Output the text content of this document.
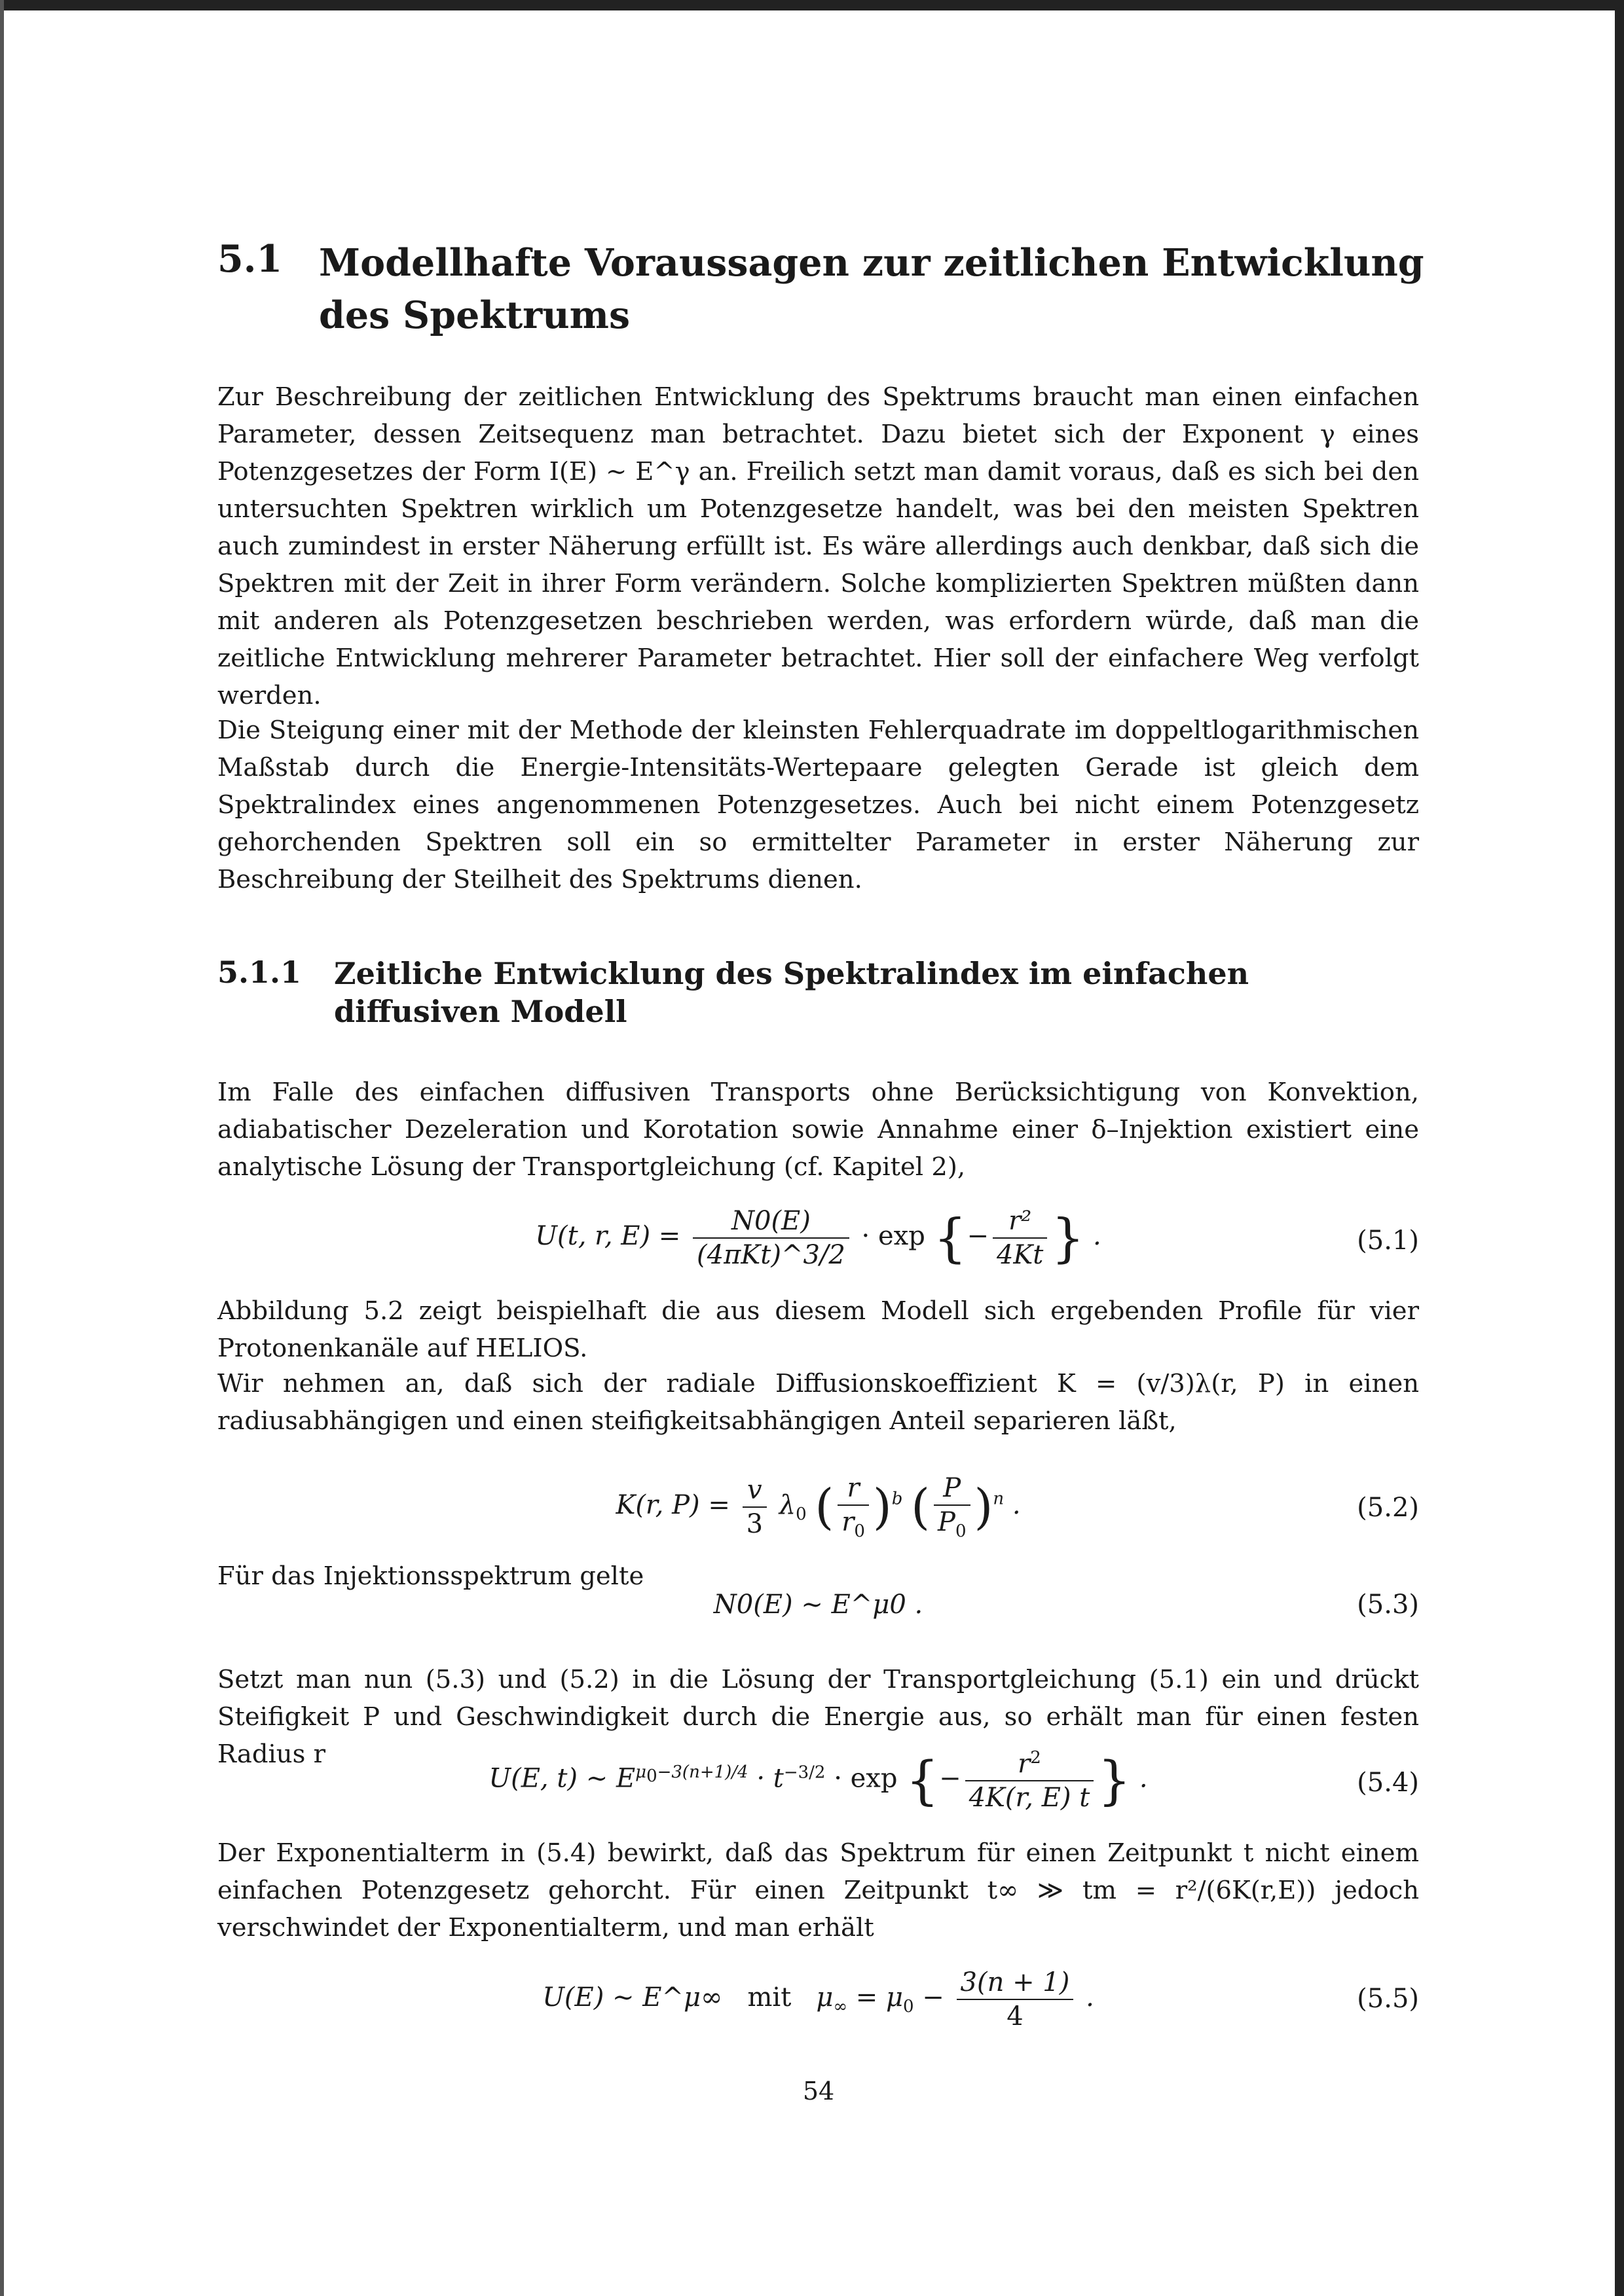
5.1 Modellhafte Voraussagen zur zeitlichen Entwicklung des Spektrums
Zur Beschreibung der zeitlichen Entwicklung des Spektrums braucht man einen einfachen Parameter, dessen Zeitsequenz man betrachtet. Dazu bietet sich der Exponent γ eines Potenzgesetzes der Form I(E) ∼ E^γ an. Freilich setzt man damit voraus, daß es sich bei den untersuchten Spektren wirklich um Potenzgesetze handelt, was bei den meisten Spektren auch zumindest in erster Näherung erfüllt ist. Es wäre allerdings auch denkbar, daß sich die Spektren mit der Zeit in ihrer Form verändern. Solche komplizierten Spektren müßten dann mit anderen als Potenzgesetzen beschrieben werden, was erfordern würde, daß man die zeitliche Entwicklung mehrerer Parameter betrachtet. Hier soll der einfachere Weg verfolgt werden.
Die Steigung einer mit der Methode der kleinsten Fehlerquadrate im doppeltlogarithmischen Maßstab durch die Energie-Intensitäts-Wertepaare gelegten Gerade ist gleich dem Spektralindex eines angenommenen Potenzgesetzes. Auch bei nicht einem Potenzgesetz gehorchenden Spektren soll ein so ermittelter Parameter in erster Näherung zur Beschreibung der Steilheit des Spektrums dienen.
5.1.1 Zeitliche Entwicklung des Spektralindex im einfachen diffusiven Modell
Im Falle des einfachen diffusiven Transports ohne Berücksichtigung von Konvektion, adiabatischer Dezeleration und Korotation sowie Annahme einer δ–Injektion existiert eine analytische Lösung der Transportgleichung (cf. Kapitel 2),
U(t, r, $E) = \frac{N0(E)}{\text{(4πKt)\textasciicircum{}3/2}} \cdot \exp$ {− $\frac{\text{r²}}{4Kt}$ } .	(5.1)
Abbildung 5.2 zeigt beispielhaft die aus diesem Modell sich ergebenden Profile für vier Protonenkanäle auf HELIOS.
Wir nehmen an, daß sich der radiale Diffusionskoeffizient K = (v/3)λ(r, P) in einen radiusabhängigen und einen steifigkeitsabhängigen Anteil separieren läßt,
K(r, $P) = \frac{v}{3} \lambda_0$ ( $\frac{r}{r_0} )^b$ ( $\frac{P}{P_0} )^n$ .	(5.2)
Für das Injektionsspektrum gelte
N0(E) ∼ E^μ0 .	(5.3)
Setzt man nun (5.3) und (5.2) in die Lösung der Transportgleichung (5.1) ein und drückt Steifigkeit P und Geschwindigkeit durch die Energie aus, so erhält man für einen festen Radius r
U(E, t) ∼ $E^{\mu_0-3(n+1)/4} \cdot t^{-3/2} \cdot \exp$ {− $\frac{r^2}{4K(r, E) t}$ } .	(5.4)
Der Exponentialterm in (5.4) bewirkt, daß das Spektrum für einen Zeitpunkt t nicht einem einfachen Potenzgesetz gehorcht. Für einen Zeitpunkt t∞ ≫ tm = r²/(6K(r,E)) jedoch verschwindet der Exponentialterm, und man erhält
U(E) ∼ E^μ∞ mit   $\mu_\infty = \mu_0 - \frac{3(n + 1)}{4}$ .	(5.5)
54
